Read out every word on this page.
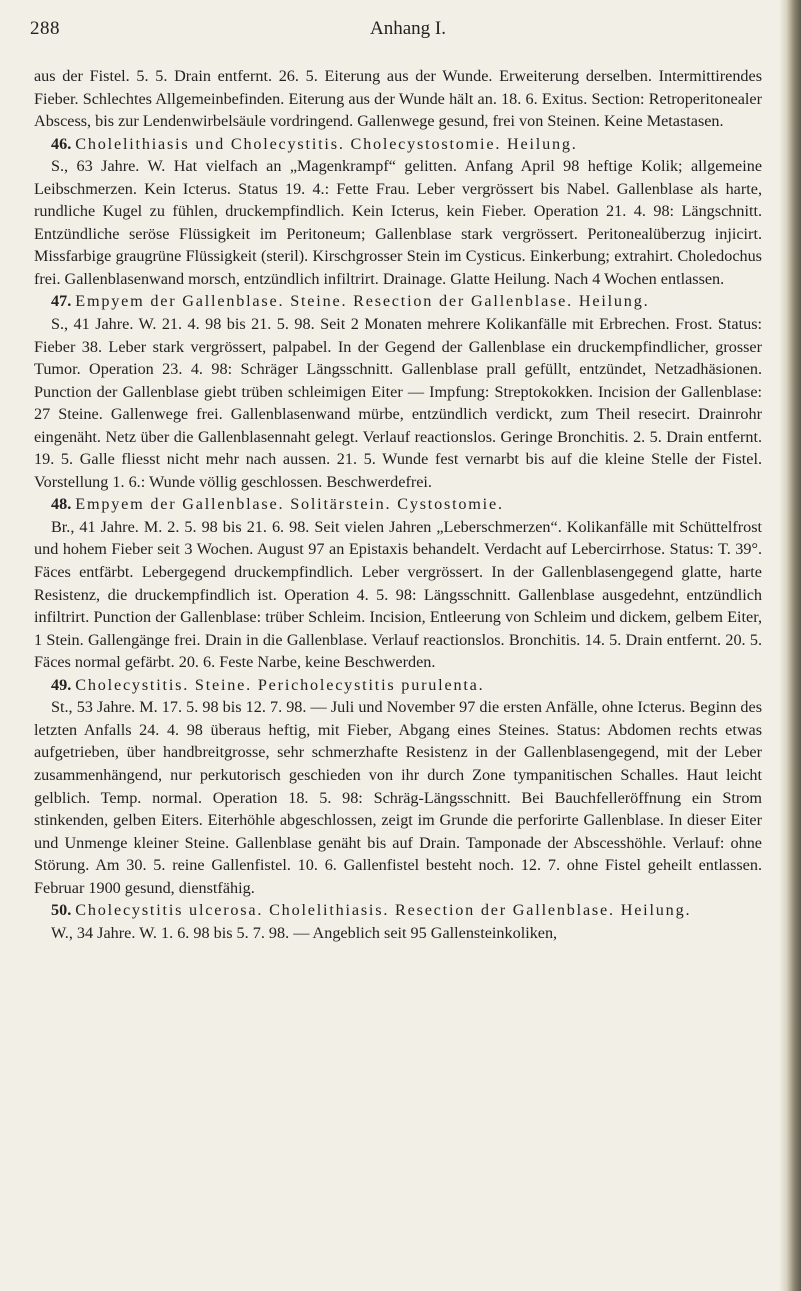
288	Anhang I.

aus der Fistel. 5. 5. Drain entfernt. 26. 5. Eiterung aus der Wunde. Erweiterung derselben. Intermittirendes Fieber. Schlechtes Allgemeinbefinden. Eiterung aus der Wunde hält an. 18. 6. Exitus. Section: Retroperitonealer Abscess, bis zur Lendenwirbelsäule vordringend. Gallenwege gesund, frei von Steinen. Keine Metastasen.

46. Cholelithiasis und Cholecystitis. Cholecystostomie. Heilung.

S., 63 Jahre. W. Hat vielfach an „Magenkrampf“ gelitten. Anfang April 98 heftige Kolik; allgemeine Leibschmerzen. Kein Icterus. Status 19. 4.: Fette Frau. Leber vergrössert bis Nabel. Gallenblase als harte, rundliche Kugel zu fühlen, druckempfindlich. Kein Icterus, kein Fieber. Operation 21. 4. 98: Längschnitt. Entzündliche seröse Flüssigkeit im Peritoneum; Gallenblase stark vergrössert. Peritonealüberzug injicirt. Missfarbige graugrüne Flüssigkeit (steril). Kirschgrosser Stein im Cysticus. Einkerbung; extrahirt. Choledochus frei. Gallenblasenwand morsch, entzündlich infiltrirt. Drainage. Glatte Heilung. Nach 4 Wochen entlassen.

47. Empyem der Gallenblase. Steine. Resection der Gallenblase. Heilung.

S., 41 Jahre. W. 21. 4. 98 bis 21. 5. 98. Seit 2 Monaten mehrere Kolikanfälle mit Erbrechen. Frost. Status: Fieber 38. Leber stark vergrössert, palpabel. In der Gegend der Gallenblase ein druckempfindlicher, grosser Tumor. Operation 23. 4. 98: Schräger Längsschnitt. Gallenblase prall gefüllt, entzündet, Netzadhäsionen. Punction der Gallenblase giebt trüben schleimigen Eiter — Impfung: Streptokokken. Incision der Gallenblase: 27 Steine. Gallenwege frei. Gallenblasenwand mürbe, entzündlich verdickt, zum Theil resecirt. Drainrohr eingenäht. Netz über die Gallenblasennaht gelegt. Verlauf reactionslos. Geringe Bronchitis. 2. 5. Drain entfernt. 19. 5. Galle fliesst nicht mehr nach aussen. 21. 5. Wunde fest vernarbt bis auf die kleine Stelle der Fistel. Vorstellung 1. 6.: Wunde völlig geschlossen. Beschwerdefrei.

48. Empyem der Gallenblase. Solitärstein. Cystostomie.

Br., 41 Jahre. M. 2. 5. 98 bis 21. 6. 98. Seit vielen Jahren „Leberschmerzen“. Kolikanfälle mit Schüttelfrost und hohem Fieber seit 3 Wochen. August 97 an Epistaxis behandelt. Verdacht auf Lebercirrhose. Status: T. 39°. Fäces entfärbt. Lebergegend druckempfindlich. Leber vergrössert. In der Gallenblasengegend glatte, harte Resistenz, die druckempfindlich ist. Operation 4. 5. 98: Längsschnitt. Gallenblase ausgedehnt, entzündlich infiltrirt. Punction der Gallenblase: trüber Schleim. Incision, Entleerung von Schleim und dickem, gelbem Eiter, 1 Stein. Gallengänge frei. Drain in die Gallenblase. Verlauf reactionslos. Bronchitis. 14. 5. Drain entfernt. 20. 5. Fäces normal gefärbt. 20. 6. Feste Narbe, keine Beschwerden.

49. Cholecystitis. Steine. Pericholecystitis purulenta.

St., 53 Jahre. M. 17. 5. 98 bis 12. 7. 98. — Juli und November 97 die ersten Anfälle, ohne Icterus. Beginn des letzten Anfalls 24. 4. 98 überaus heftig, mit Fieber, Abgang eines Steines. Status: Abdomen rechts etwas aufgetrieben, über handbreitgrosse, sehr schmerzhafte Resistenz in der Gallenblasengegend, mit der Leber zusammenhängend, nur perkutorisch geschieden von ihr durch Zone tympanitischen Schalles. Haut leicht gelblich. Temp. normal. Operation 18. 5. 98: Schräg-Längsschnitt. Bei Bauchfelleröffnung ein Strom stinkenden, gelben Eiters. Eiterhöhle abgeschlossen, zeigt im Grunde die perforirte Gallenblase. In dieser Eiter und Unmenge kleiner Steine. Gallenblase genäht bis auf Drain. Tamponade der Abscesshöhle. Verlauf: ohne Störung. Am 30. 5. reine Gallenfistel. 10. 6. Gallenfistel besteht noch. 12. 7. ohne Fistel geheilt entlassen. Februar 1900 gesund, dienstfähig.

50. Cholecystitis ulcerosa. Cholelithiasis. Resection der Gallenblase. Heilung.

W., 34 Jahre. W. 1. 6. 98 bis 5. 7. 98. — Angeblich seit 95 Gallensteinkoliken,
